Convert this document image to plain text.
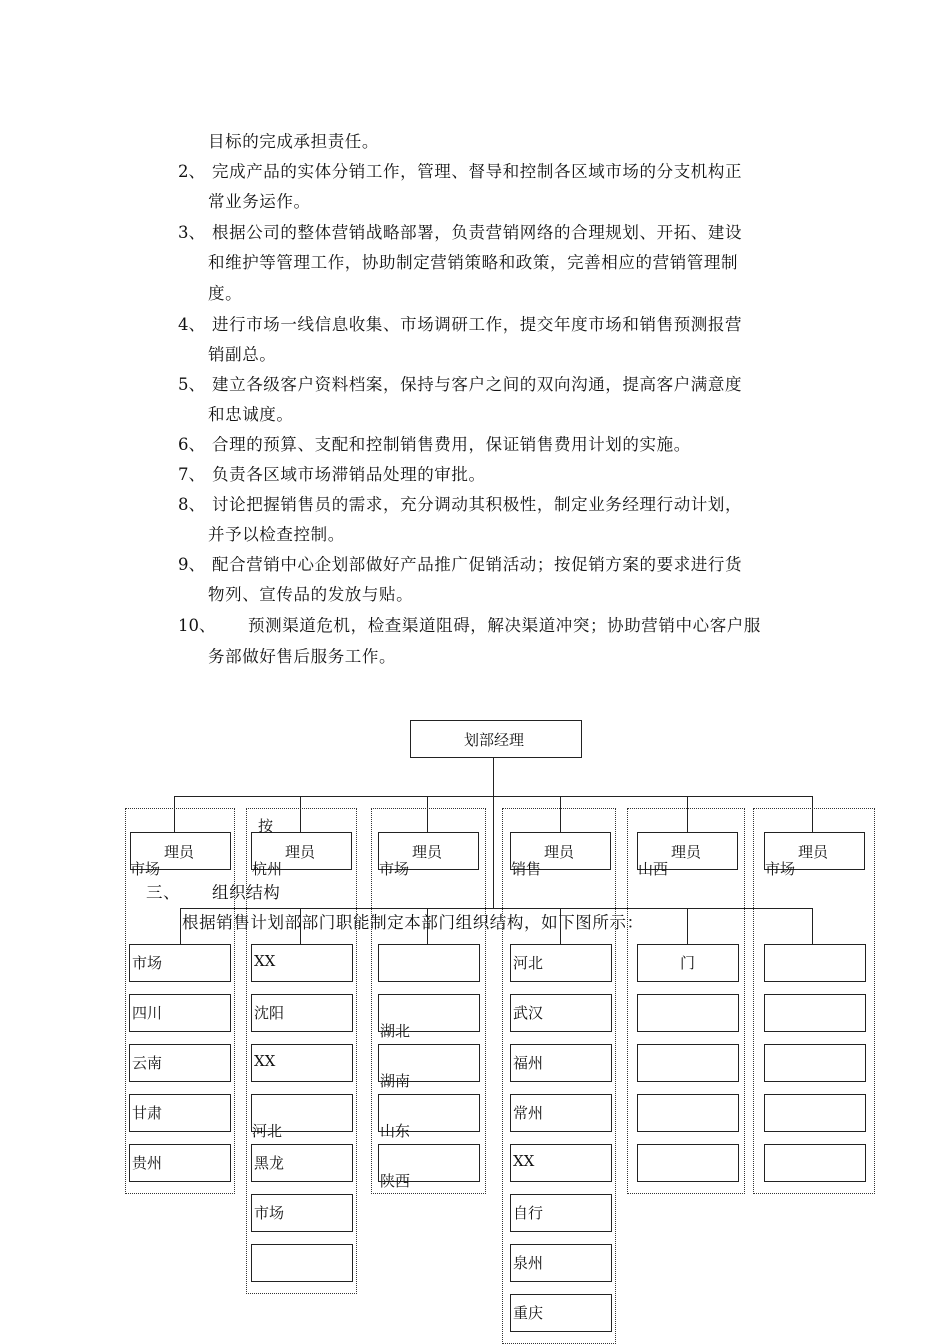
目标的完成承担责任。
2、 完成产品的实体分销工作，管理、督导和控制各区域市场的分支机构正
常业务运作。
3、 根据公司的整体营销战略部署，负责营销网络的合理规划、开拓、建设
和维护等管理工作，协助制定营销策略和政策，完善相应的营销管理制
度。
4、 进行市场一线信息收集、市场调研工作，提交年度市场和销售预测报营
销副总。
5、 建立各级客户资料档案，保持与客户之间的双向沟通，提高客户满意度
和忠诚度。
6、 合理的预算、支配和控制销售费用，保证销售费用计划的实施。
7、 负责各区域市场滞销品处理的审批。
8、 讨论把握销售员的需求，充分调动其积极性，制定业务经理行动计划，
并予以检查控制。
9、 配合营销中心企划部做好产品推广促销活动；按促销方案的要求进行货
物列、宣传品的发放与贴。
10、 预测渠道危机，检查渠道阻碍，解决渠道冲突；协助营销中心客户服
务部做好售后服务工作。
划部经理
理员	理员	理员	理员	理员	理员
按
市场	杭州	市场	销售	山西	市场
三、 组织结构
根据销售计划部部门职能制定本部门组织结构，如下图所示：
市场
四川
云南
甘肃
贵州
XX
沈阳
XX
黑龙
市场
河北
湖北
湖南
山东
陕西
河北
武汉
福州
常州
XX
自行
泉州
重庆
门
